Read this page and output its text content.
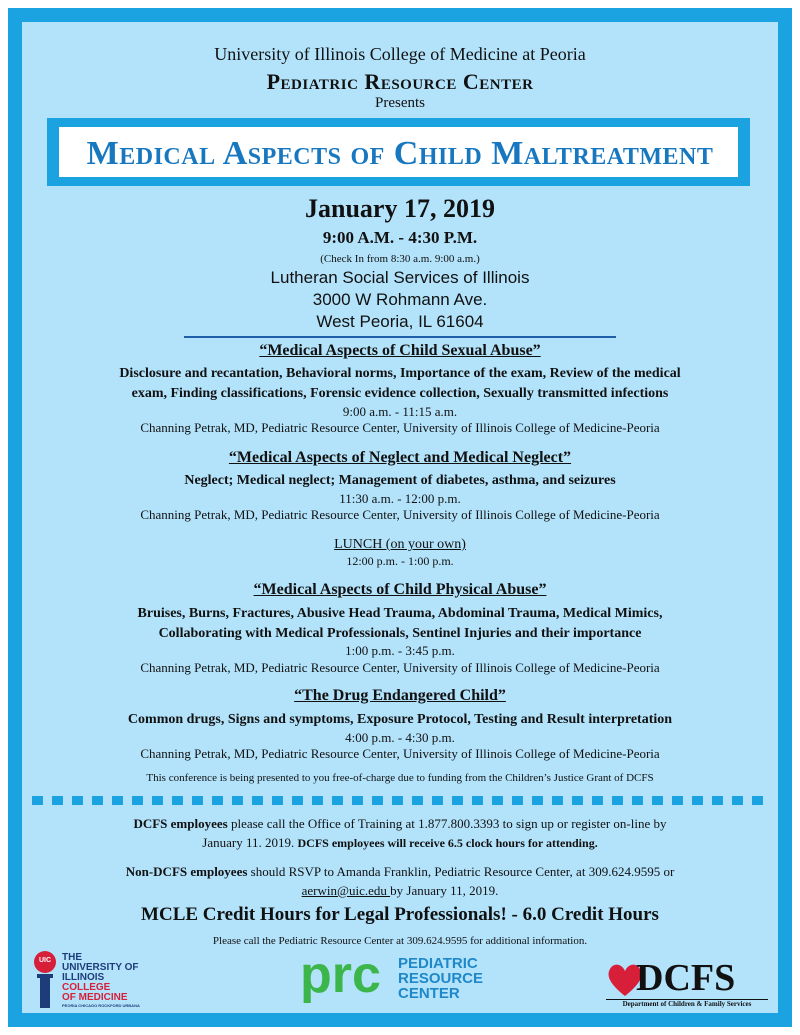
University of Illinois College of Medicine at Peoria
Pediatric Resource Center
Presents
Medical Aspects of Child Maltreatment
January 17, 2019
9:00 A.M. - 4:30 P.M.
(Check In from 8:30 a.m. 9:00 a.m.)
Lutheran Social Services of Illinois
3000 W Rohmann Ave.
West Peoria, IL 61604
“Medical Aspects of Child Sexual Abuse”
Disclosure and recantation, Behavioral norms, Importance of the exam, Review of the medical
exam, Finding classifications, Forensic evidence collection, Sexually transmitted infections
9:00 a.m. - 11:15 a.m.
Channing Petrak, MD, Pediatric Resource Center, University of Illinois College of Medicine-Peoria
“Medical Aspects of Neglect and Medical Neglect”
Neglect; Medical neglect; Management of diabetes, asthma, and seizures
11:30 a.m. - 12:00 p.m.
Channing Petrak, MD, Pediatric Resource Center, University of Illinois College of Medicine-Peoria
LUNCH (on your own)
12:00 p.m. - 1:00 p.m.
“Medical Aspects of Child Physical Abuse”
Bruises, Burns, Fractures, Abusive Head Trauma, Abdominal Trauma, Medical Mimics,
Collaborating with Medical Professionals, Sentinel Injuries and their importance
1:00 p.m. - 3:45 p.m.
Channing Petrak, MD, Pediatric Resource Center, University of Illinois College of Medicine-Peoria
“The Drug Endangered Child”
Common drugs, Signs and symptoms, Exposure Protocol, Testing and Result interpretation
4:00 p.m. - 4:30 p.m.
Channing Petrak, MD, Pediatric Resource Center, University of Illinois College of Medicine-Peoria
This conference is being presented to you free-of-charge due to funding from the Children’s Justice Grant of DCFS
DCFS employees please call the Office of Training at 1.877.800.3393 to sign up or register on-line by
January 11. 2019. DCFS employees will receive 6.5 clock hours for attending.
Non-DCFS employees should RSVP to Amanda Franklin, Pediatric Resource Center, at 309.624.9595 or
aerwin@uic.edu by January 11, 2019.
MCLE Credit Hours for Legal Professionals! - 6.0 Credit Hours
Please call the Pediatric Resource Center at 309.624.9595 for additional information.
UIC	THE
UNIVERSITY OF
ILLINOIS
COLLEGE
OF MEDICINE
PEORIA CHICAGO ROCKFORD URBANA
prc PEDIATRIC
RESOURCE
CENTER	DCFS
Department of Children & Family Services
